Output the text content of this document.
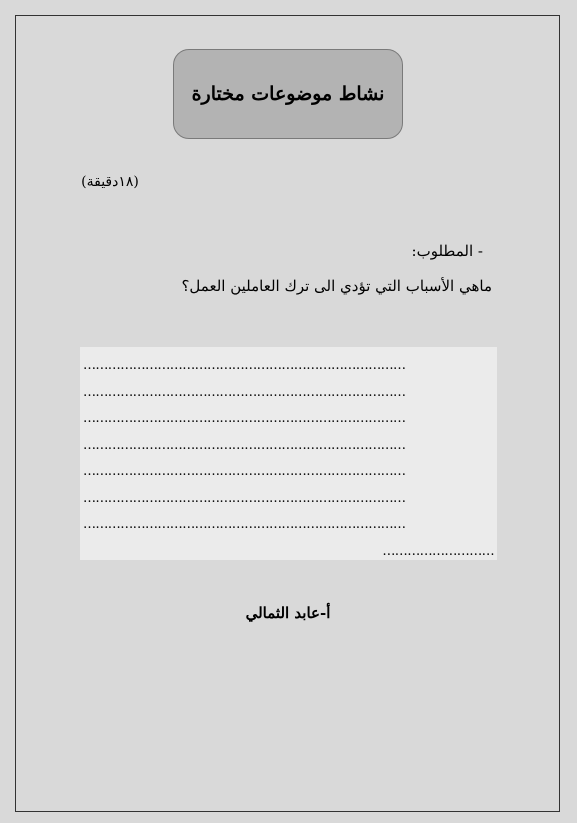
نشاط موضوعات مختارة
(١٨دقيقة)
- المطلوب:
ماهي الأسباب التي تؤدي الى ترك العاملين العمل؟
……………………………………………………………………
……………………………………………………………………
……………………………………………………………………
……………………………………………………………………
……………………………………………………………………
……………………………………………………………………
……………………………………………………………………
………………………
أ-عابد الثمالي
